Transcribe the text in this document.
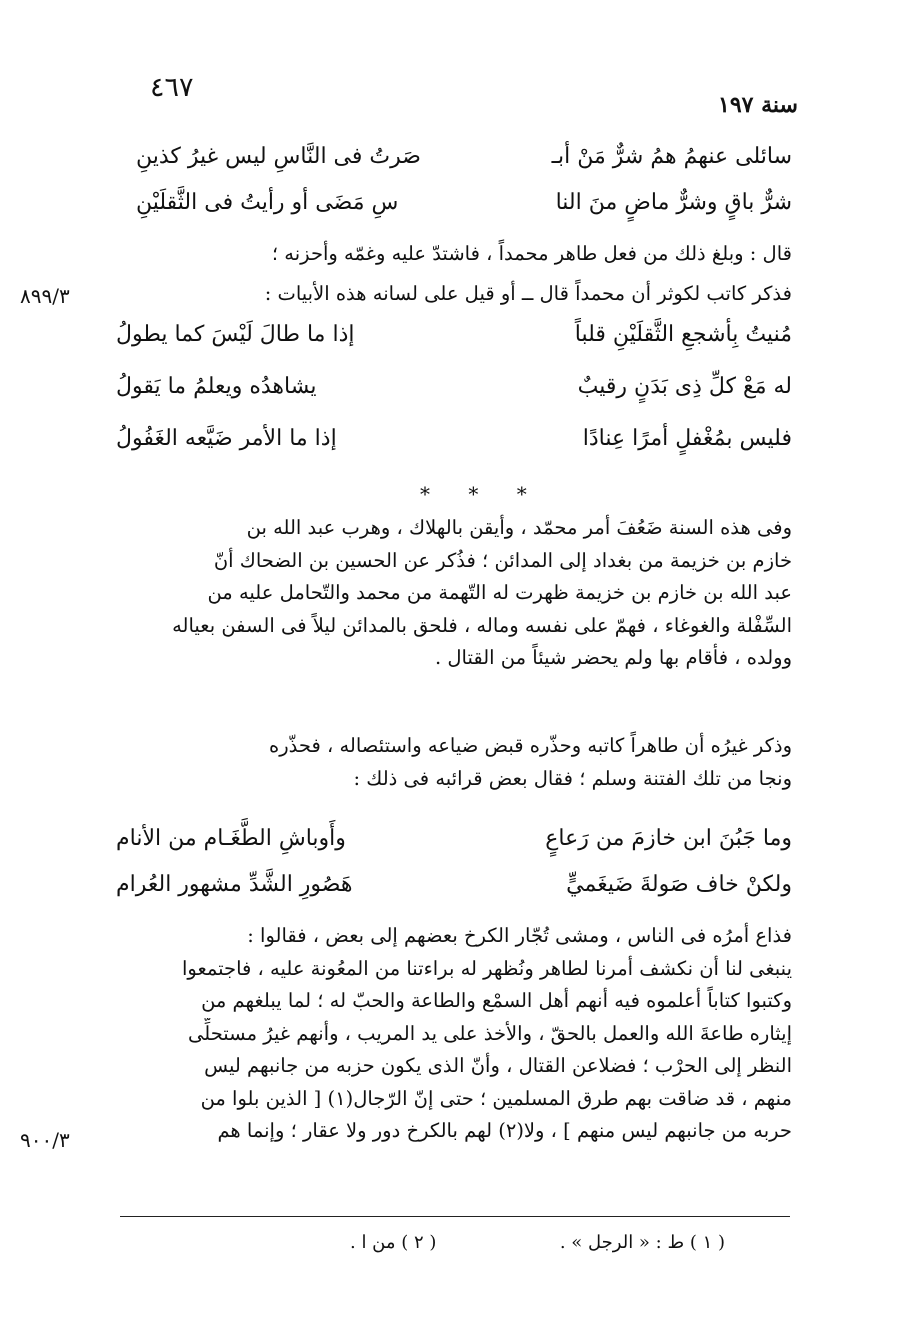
٤٦٧
سنة ١٩٧
٨٩٩/٣
٩٠٠/٣
سائلى عنهمُ همُ شرٌّ مَنْ أبـ
صَرتُ فى النَّاسِ ليس غيرُ كذينِ
شرٌّ باقٍ وشرٌّ ماضٍ منَ النا
سِ مَضَى أو رأيتُ فى الثَّقلَيْنِ
قال : وبلغ ذلك من فعل طاهر محمداً ، فاشتدّ عليه وغمّه وأحزنه ؛
فذكر كاتب لكوثر أن محمداً قال ــ أو قيل على لسانه هذه الأبيات :
مُنيتُ بِأشجعِ الثَّقلَيْنِ قلباً
إذا ما طالَ لَيْسَ كما يطولُ
له مَعْ كلِّ ذِى بَدَنٍ رقيبٌ
يشاهدُه ويعلمُ ما يَقولُ
فليس بمُغْفلٍ أمرًا عِنادًا
إذا ما الأمر ضَيَّعه الغَفُولُ
* * *
وفى هذه السنة ضَعُفَ أمر محمّد ، وأيقن بالهلاك ، وهرب عبد الله بن
خازم بن خزيمة من بغداد إلى المدائن ؛ فذُكر عن الحسين بن الضحاك أنّ
عبد الله بن خازم بن خزيمة ظهرت له التّهمة من محمد والتّحامل عليه من
السِّفْلة والغوغاء ، فهمّ على نفسه وماله ، فلحق بالمدائن ليلاً فى السفن بعياله
وولده ، فأقام بها ولم يحضر شيئاً من القتال .
وذكر غيرُه أن طاهراً كاتبه وحذّره قبض ضياعه واستئصاله ، فحذّره
ونجا من تلك الفتنة وسلم ؛ فقال بعض قرائبه فى ذلك :
وما جَبُنَ ابن خازمَ من رَعاعٍ
وأَوباشِ الطَّغَـام من الأنام
ولكنْ خاف صَولةَ ضَيغَميٍّ
هَصُورِ الشَّدِّ مشهور العُرام
فذاع أمرُه فى الناس ، ومشى تُجّار الكرخ بعضهم إلى بعض ، فقالوا :
ينبغى لنا أن نكشف أمرنا لطاهر ونُظهر له براءتنا من المعُونة عليه ، فاجتمعوا
وكتبوا كتاباً أعلموه فيه أنهم أهل السمْع والطاعة والحبّ له ؛ لما يبلغهم من
إيثاره طاعةَ الله والعمل بالحقّ ، والأخذ على يد المريب ، وأنهم غيرُ مستحلِّى
النظر إلى الحرْب ؛ فضلاعن القتال ، وأنّ الذى يكون حزبه من جانبهم ليس
منهم ، قد ضاقت بهم طرق المسلمين ؛ حتى إنّ الرّجال(١) [ الذين بلوا من
حربه من جانبهم ليس منهم ] ، ولا(٢) لهم بالكرخ دور ولا عقار ؛ وإنما هم
( ١ ) ط : « الرجل » .
( ٢ ) من ا .
